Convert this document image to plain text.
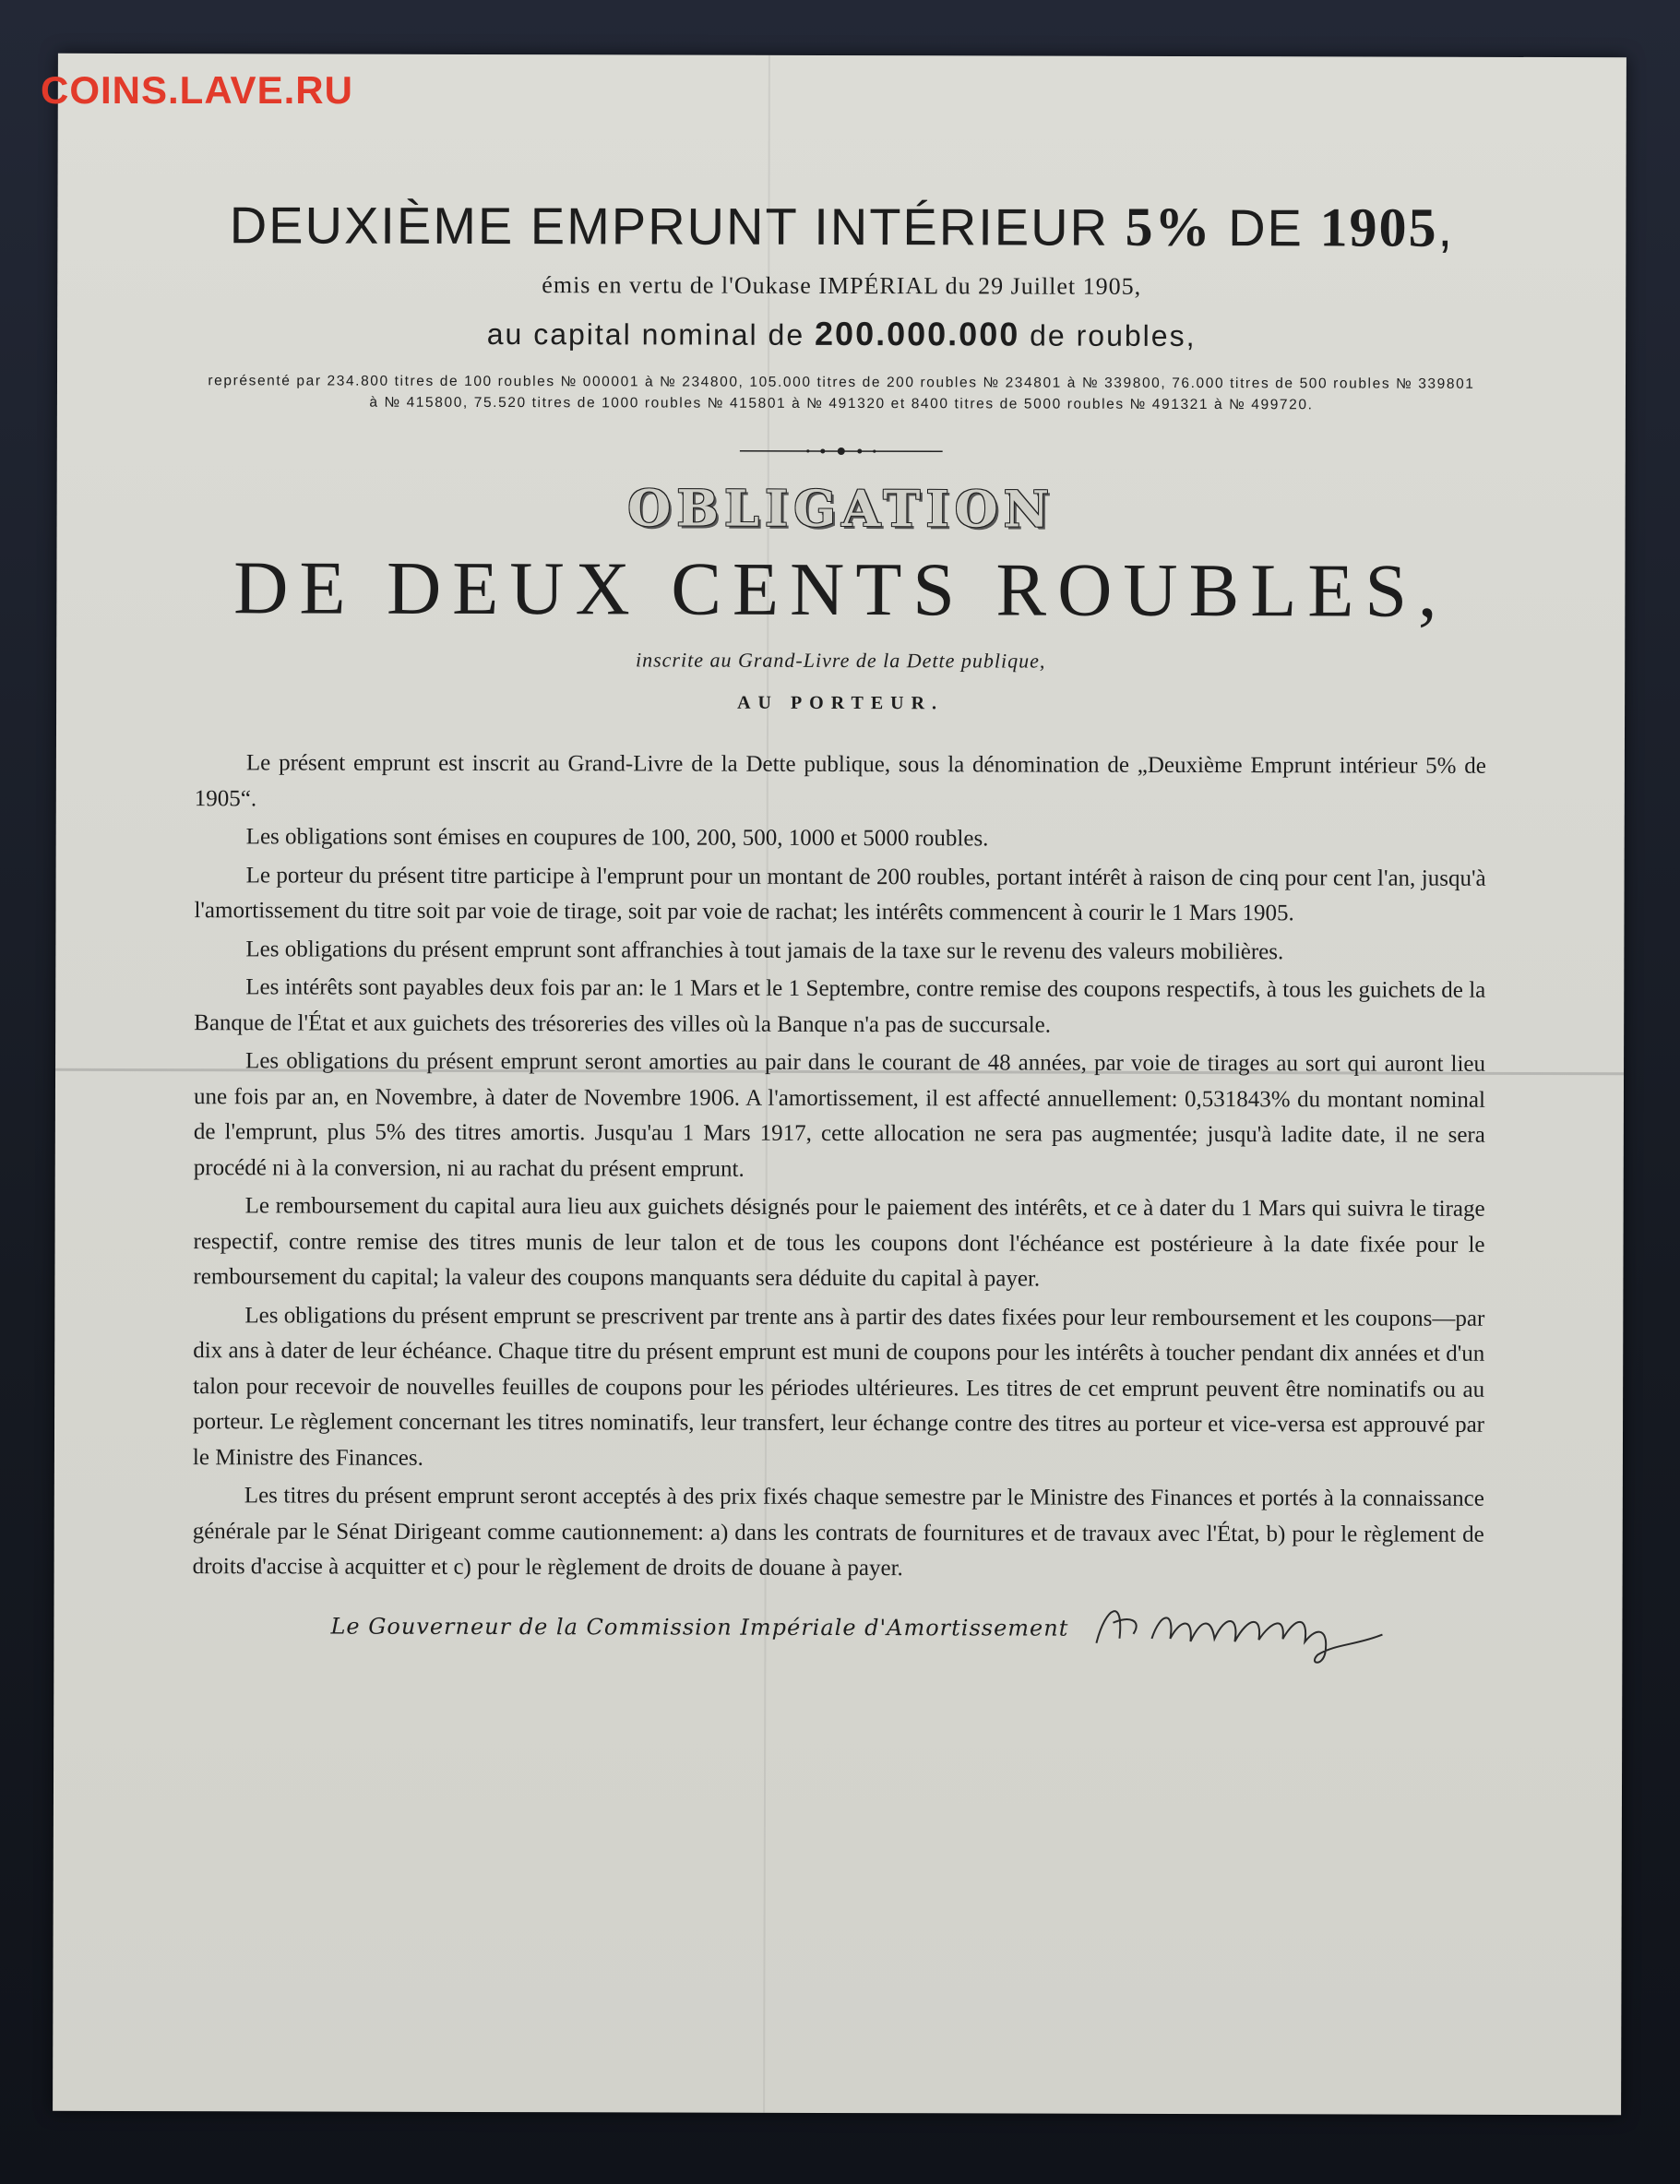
COINS.LAVE.RU
DEUXIÈME EMPRUNT INTÉRIEUR 5% DE 1905,
émis en vertu de l'Oukase IMPÉRIAL du 29 Juillet 1905,
au capital nominal de 200.000.000 de roubles,
représenté par 234.800 titres de 100 roubles № 000001 à № 234800, 105.000 titres de 200 roubles № 234801 à № 339800, 76.000 titres de 500 roubles № 339801 à № 415800, 75.520 titres de 1000 roubles № 415801 à № 491320 et 8400 titres de 5000 roubles № 491321 à № 499720.
OBLIGATION
DE DEUX CENTS ROUBLES,
inscrite au Grand-Livre de la Dette publique,
AU PORTEUR.

Le présent emprunt est inscrit au Grand-Livre de la Dette publique, sous la dénomination de „Deuxième Emprunt intérieur 5% de 1905“.

Les obligations sont émises en coupures de 100, 200, 500, 1000 et 5000 roubles.

Le porteur du présent titre participe à l'emprunt pour un montant de 200 roubles, portant intérêt à raison de cinq pour cent l'an, jusqu'à l'amortissement du titre soit par voie de tirage, soit par voie de rachat; les intérêts commencent à courir le 1 Mars 1905.

Les obligations du présent emprunt sont affranchies à tout jamais de la taxe sur le revenu des valeurs mobilières.

Les intérêts sont payables deux fois par an: le 1 Mars et le 1 Septembre, contre remise des coupons respectifs, à tous les guichets de la Banque de l'État et aux guichets des trésoreries des villes où la Banque n'a pas de succursale.

Les obligations du présent emprunt seront amorties au pair dans le courant de 48 années, par voie de tirages au sort qui auront lieu une fois par an, en Novembre, à dater de Novembre 1906. A l'amortissement, il est affecté annuellement: 0,531843% du montant nominal de l'emprunt, plus 5% des titres amortis. Jusqu'au 1 Mars 1917, cette allocation ne sera pas augmentée; jusqu'à ladite date, il ne sera procédé ni à la conversion, ni au rachat du présent emprunt.

Le remboursement du capital aura lieu aux guichets désignés pour le paiement des intérêts, et ce à dater du 1 Mars qui suivra le tirage respectif, contre remise des titres munis de leur talon et de tous les coupons dont l'échéance est postérieure à la date fixée pour le remboursement du capital; la valeur des coupons manquants sera déduite du capital à payer.

Les obligations du présent emprunt se prescrivent par trente ans à partir des dates fixées pour leur remboursement et les coupons—par dix ans à dater de leur échéance. Chaque titre du présent emprunt est muni de coupons pour les intérêts à toucher pendant dix années et d'un talon pour recevoir de nouvelles feuilles de coupons pour les périodes ultérieures. Les titres de cet emprunt peuvent être nominatifs ou au porteur. Le règlement concernant les titres nominatifs, leur transfert, leur échange contre des titres au porteur et vice-versa est approuvé par le Ministre des Finances.

Les titres du présent emprunt seront acceptés à des prix fixés chaque semestre par le Ministre des Finances et portés à la connaissance générale par le Sénat Dirigeant comme cautionnement: a) dans les contrats de fournitures et de travaux avec l'État, b) pour le règlement de droits d'accise à acquitter et c) pour le règlement de droits de douane à payer.

Le Gouverneur de la Commission Impériale d'Amortissement
